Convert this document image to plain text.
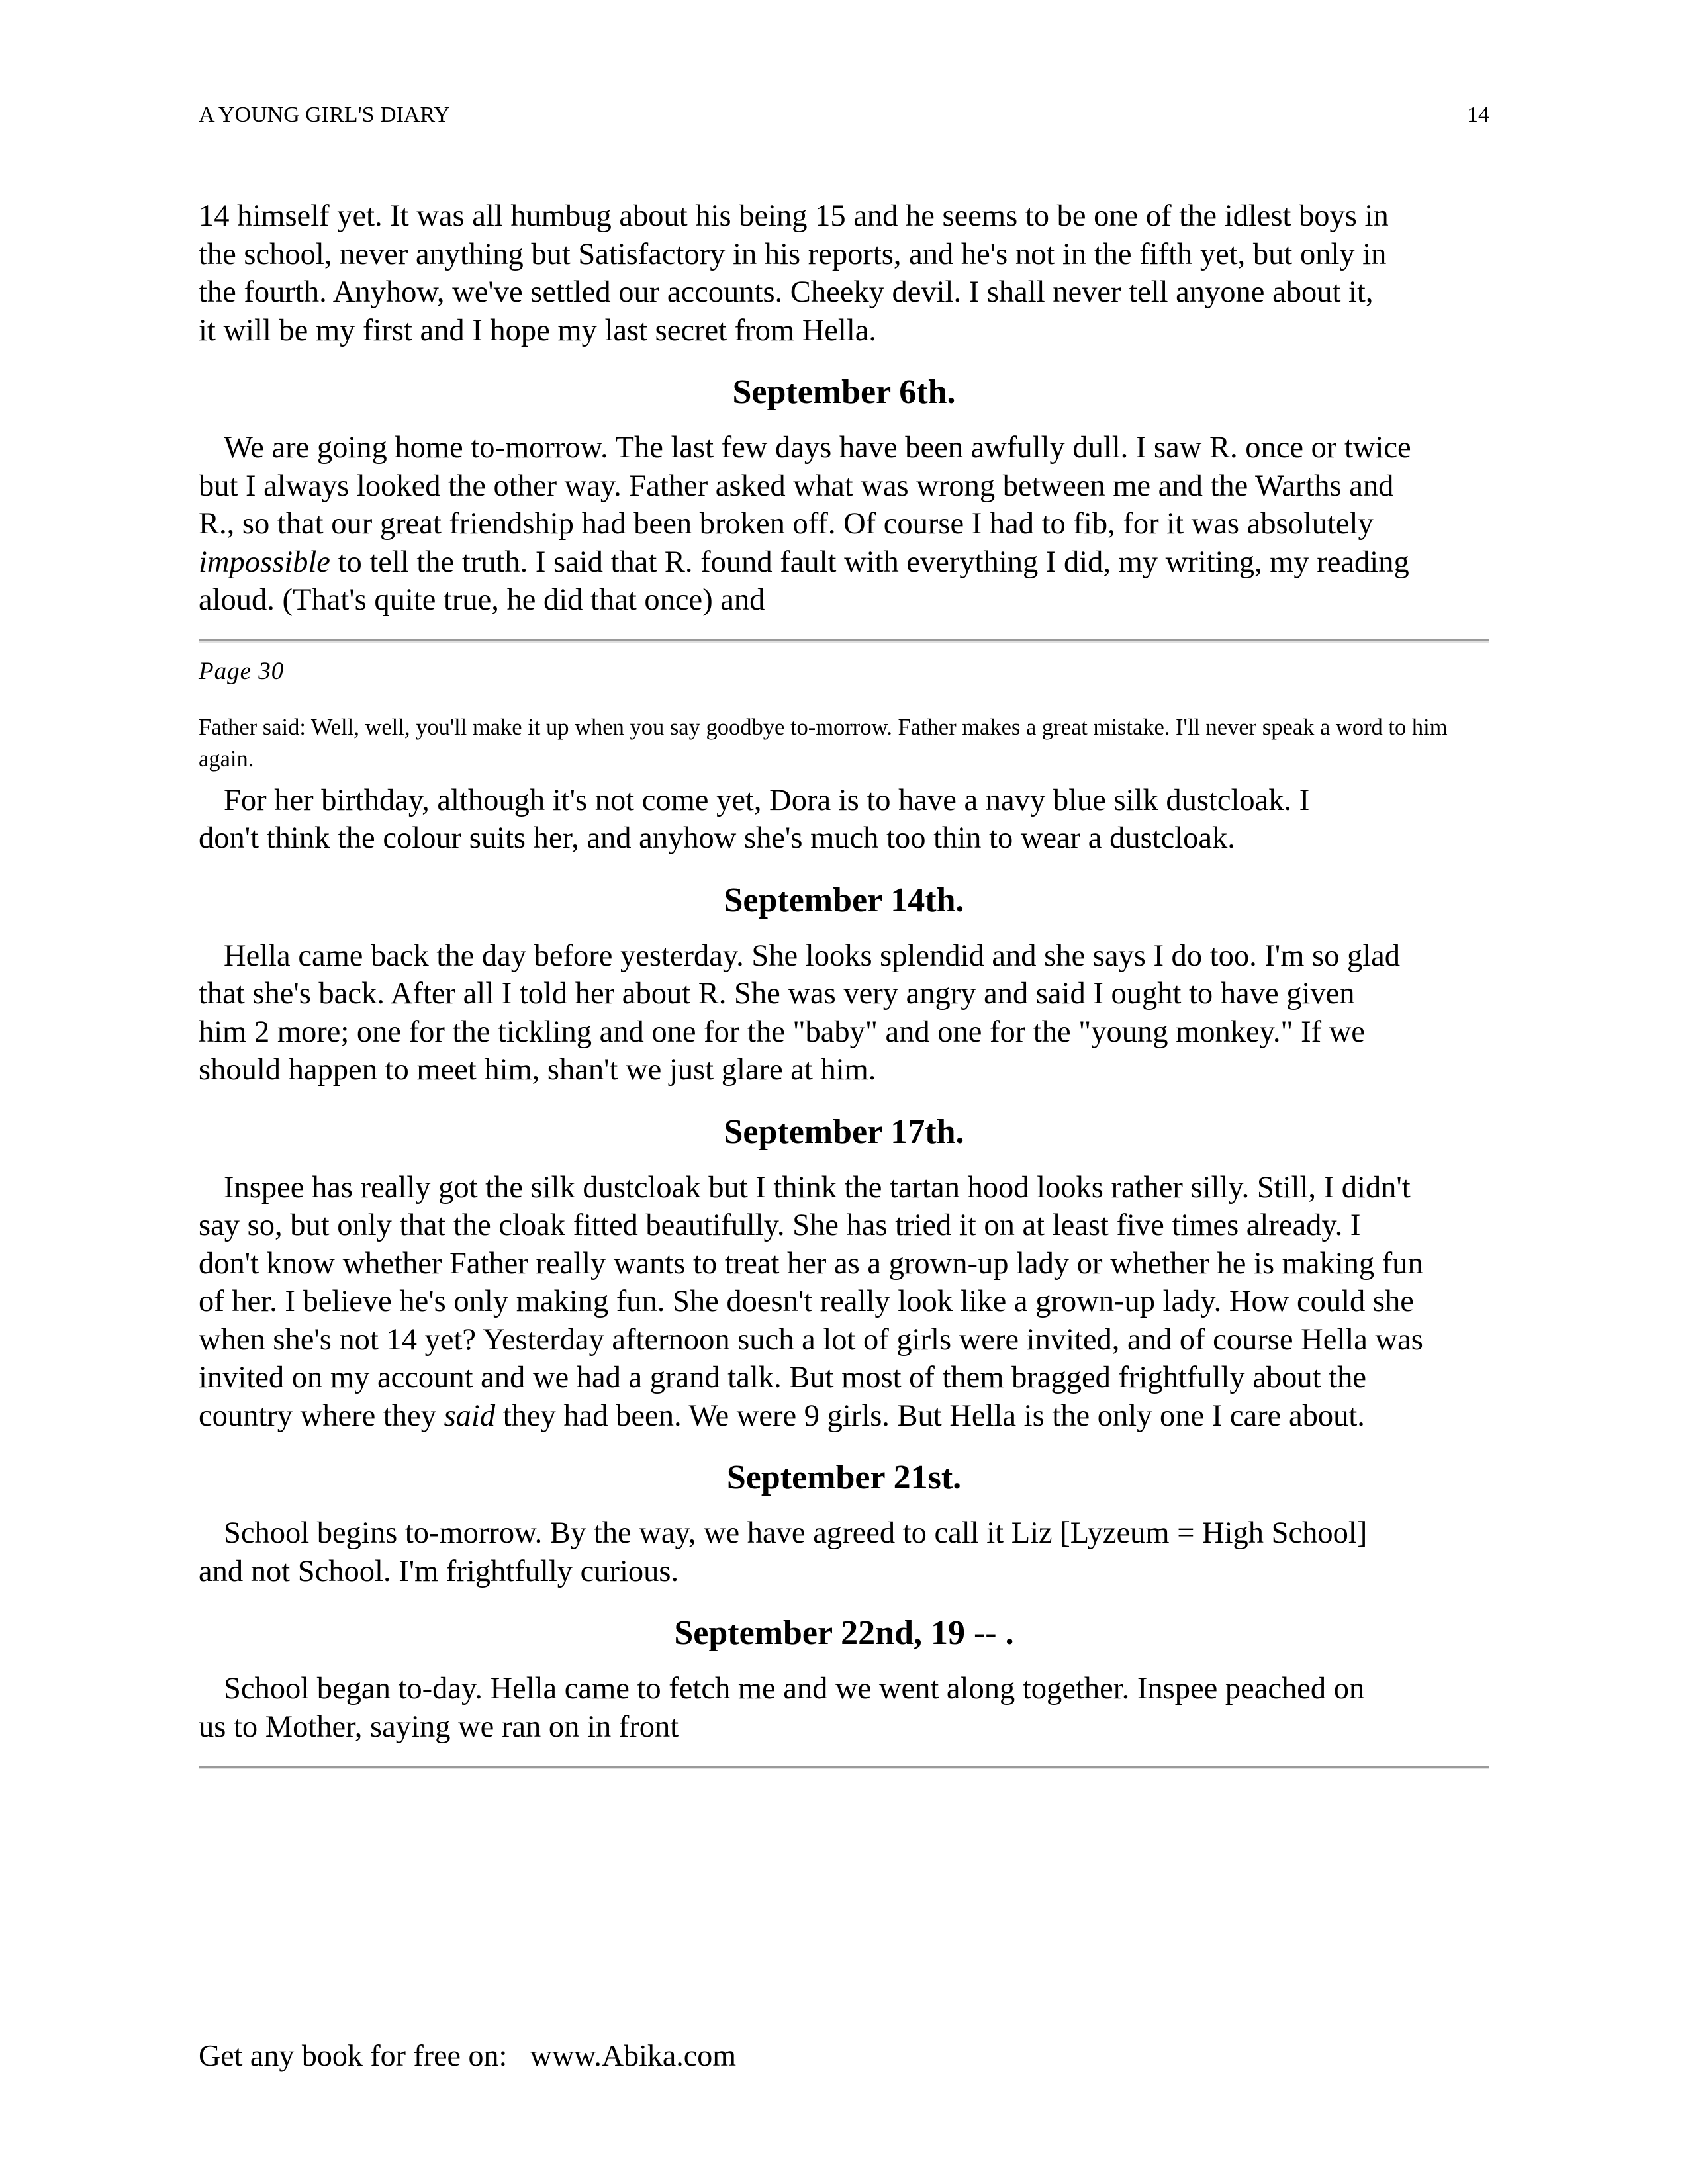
A YOUNG GIRL'S DIARY	14

14 himself yet. It was all humbug about his being 15 and he seems to be one of the idlest boys in the school, never anything but Satisfactory in his reports, and he's not in the fifth yet, but only in the fourth. Anyhow, we've settled our accounts. Cheeky devil. I shall never tell anyone about it, it will be my first and I hope my last secret from Hella.

September 6th.

We are going home to-morrow. The last few days have been awfully dull. I saw R. once or twice but I always looked the other way. Father asked what was wrong between me and the Warths and R., so that our great friendship had been broken off. Of course I had to fib, for it was absolutely impossible to tell the truth. I said that R. found fault with everything I did, my writing, my reading aloud. (That's quite true, he did that once) and

Page 30

Father said: Well, well, you'll make it up when you say goodbye to-morrow. Father makes a great mistake. I'll never speak a word to him again.

For her birthday, although it's not come yet, Dora is to have a navy blue silk dustcloak. I don't think the colour suits her, and anyhow she's much too thin to wear a dustcloak.

September 14th.

Hella came back the day before yesterday. She looks splendid and she says I do too. I'm so glad that she's back. After all I told her about R. She was very angry and said I ought to have given him 2 more; one for the tickling and one for the "baby" and one for the "young monkey." If we should happen to meet him, shan't we just glare at him.

September 17th.

Inspee has really got the silk dustcloak but I think the tartan hood looks rather silly. Still, I didn't say so, but only that the cloak fitted beautifully. She has tried it on at least five times already. I don't know whether Father really wants to treat her as a grown-up lady or whether he is making fun of her. I believe he's only making fun. She doesn't really look like a grown-up lady. How could she when she's not 14 yet? Yesterday afternoon such a lot of girls were invited, and of course Hella was invited on my account and we had a grand talk. But most of them bragged frightfully about the country where they said they had been. We were 9 girls. But Hella is the only one I care about.

September 21st.

School begins to-morrow. By the way, we have agreed to call it Liz [Lyzeum = High School] and not School. I'm frightfully curious.

September 22nd, 19 -- .

School began to-day. Hella came to fetch me and we went along together. Inspee peached on us to Mother, saying we ran on in front

Get any book for free on:   www.Abika.com
